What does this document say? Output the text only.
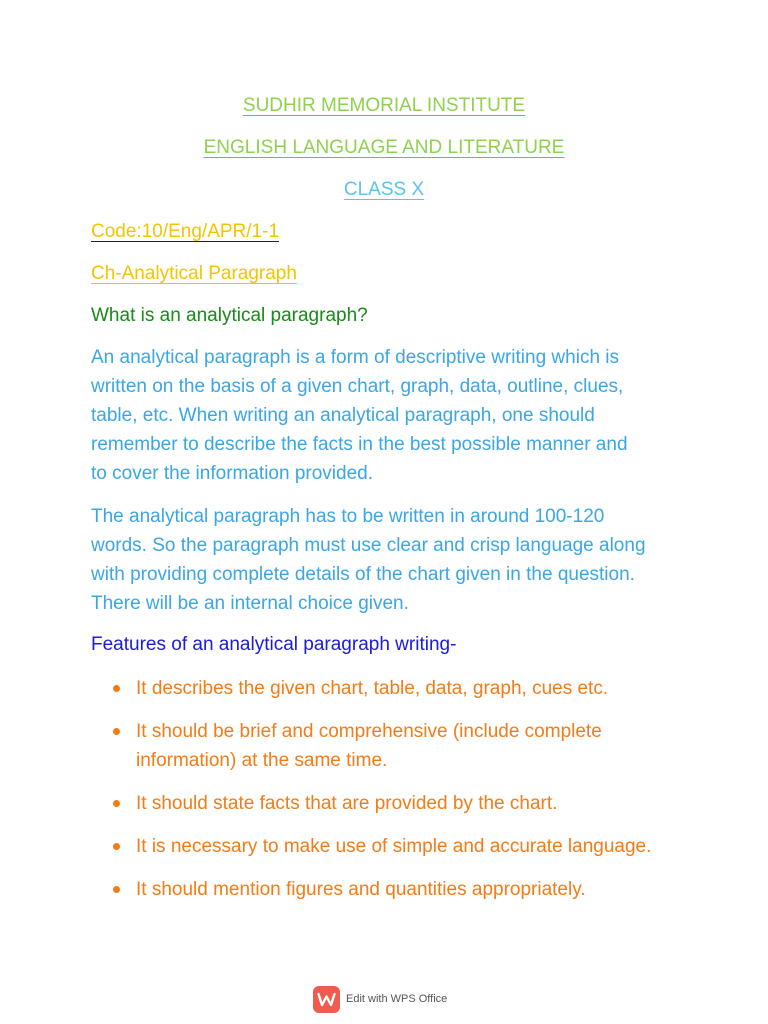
SUDHIR MEMORIAL INSTITUTE
ENGLISH LANGUAGE AND LITERATURE
CLASS X
Code:10/Eng/APR/1-1
Ch-Analytical Paragraph
What is an analytical paragraph?
An analytical paragraph is a form of descriptive writing which is
written on the basis of a given chart, graph, data, outline, clues,
table, etc. When writing an analytical paragraph, one should
remember to describe the facts in the best possible manner and
to cover the information provided.
The analytical paragraph has to be written in around 100-120
words. So the paragraph must use clear and crisp language along
with providing complete details of the chart given in the question.
There will be an internal choice given.
Features of an analytical paragraph writing-
It describes the given chart, table, data, graph, cues etc.
It should be brief and comprehensive (include complete
information) at the same time.
It should state facts that are provided by the chart.
It is necessary to make use of simple and accurate language.
It should mention figures and quantities appropriately.
Edit with WPS Office
